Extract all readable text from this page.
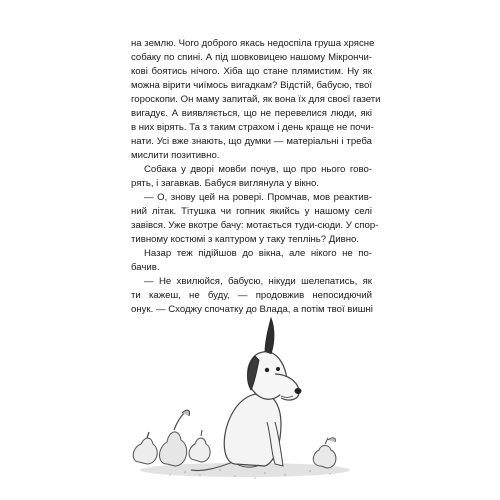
на землю. Чого доброго якась недоспіла груша хрясне
собаку по спині. А під шовковицею нашому Мікрончи-
кові боятись нічого. Хіба що стане плямистим. Ну як
можна вірити чиїмось вигадкам? Відстій, бабусю, твої
гороскопи. Он маму запитай, як вона їх для своєї газети
вигадує. А виявляється, що не перевелися люди, які
в них вірять. Та з таким страхом і день краще не почи-
нати. Усі вже знають, що думки — матеріальні і треба
мислити позитивно.
Собака у дворі мовби почув, що про нього гово-
рять, і загавкав. Бабуся виглянула у вікно.
— О, знову цей на ровері. Промчав, мов реактив-
ний літак. Тітушка чи гопник якийсь у нашому селі
завівся. Уже вкотре бачу: мотається туди-сюди. У спор-
тивному костюмі з каптуром у таку теплінь? Дивно.
Назар теж підійшов до вікна, але нікого не по-
бачив.
— Не хвилюйся, бабусю, нікуди шелепатись, як
ти кажеш, не буду, — продовжив непосидючий
онук. — Сходжу спочатку до Влада, а потім твої вишні
